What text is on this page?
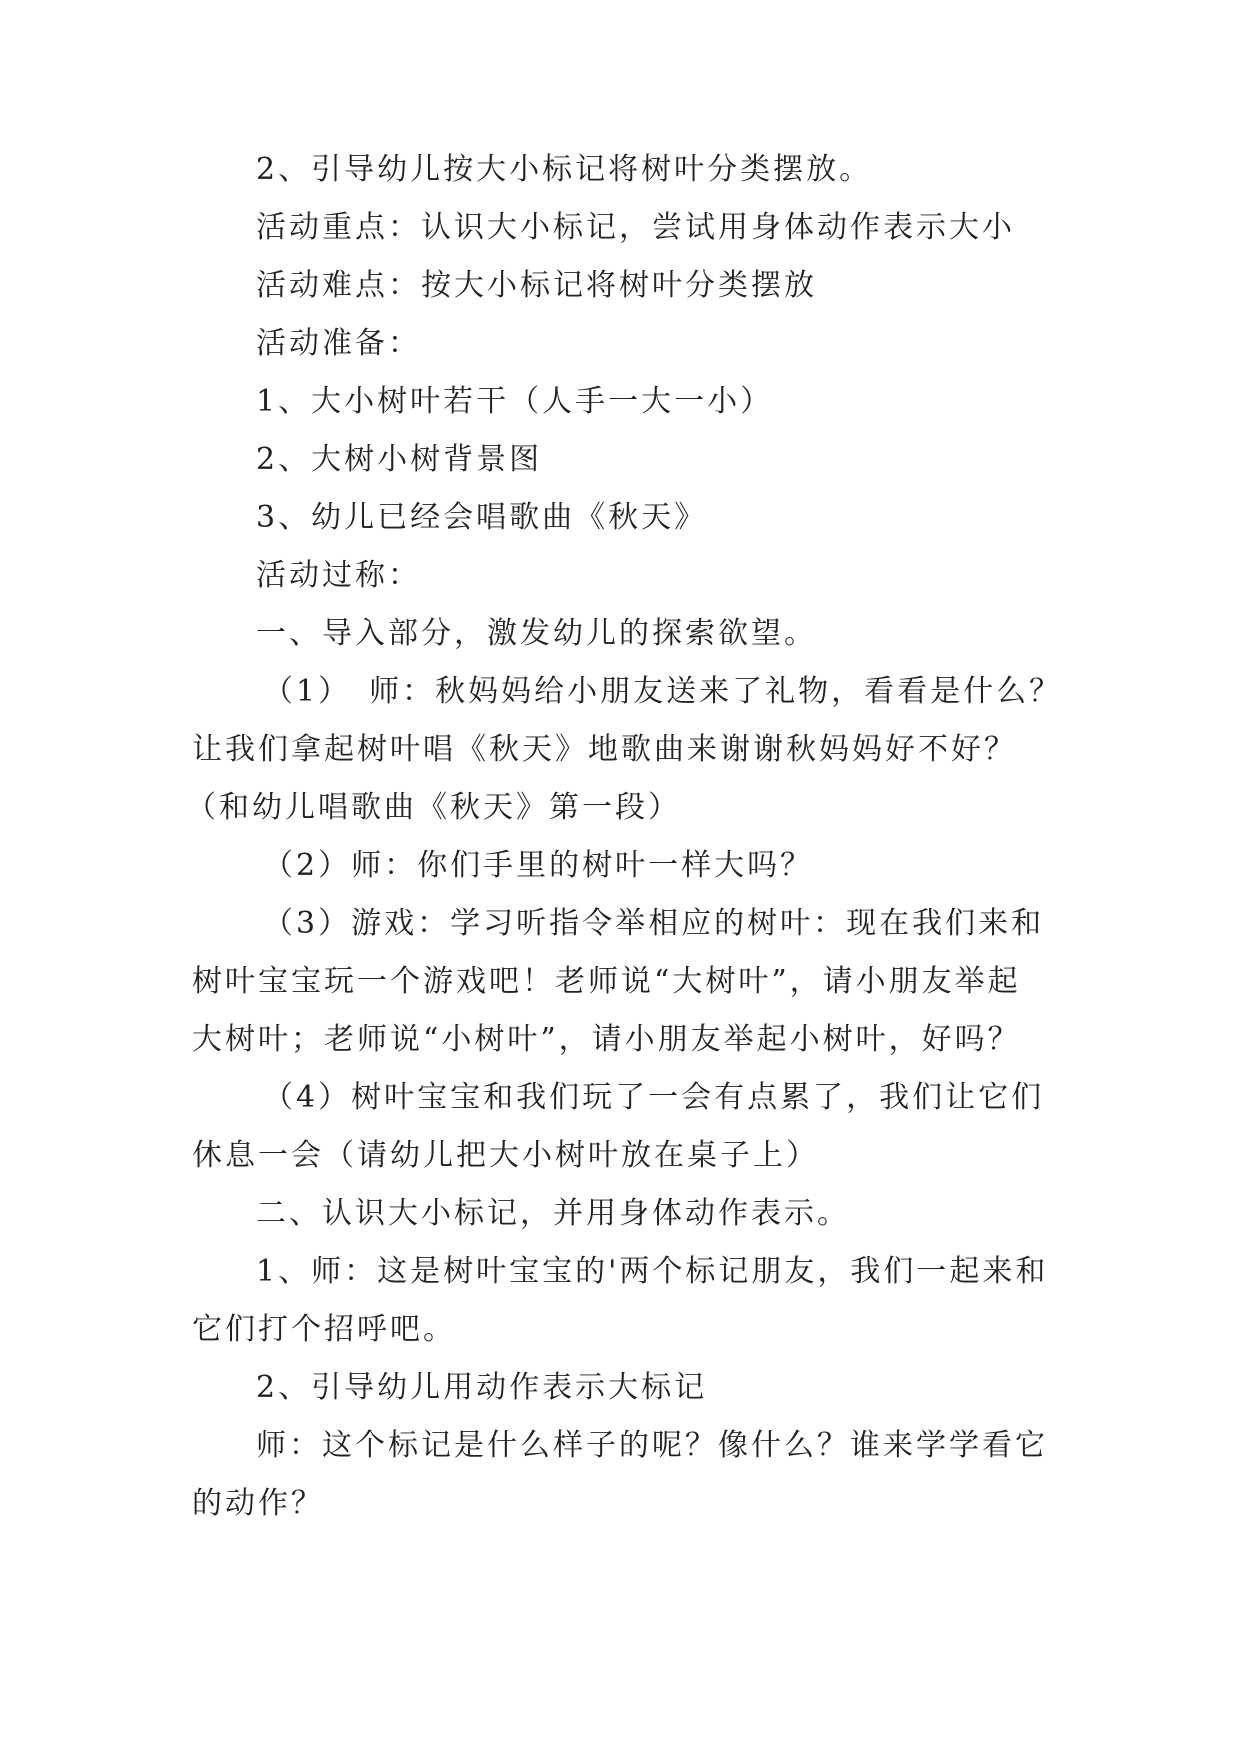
2、引导幼儿按大小标记将树叶分类摆放。
活动重点：认识大小标记，尝试用身体动作表示大小
活动难点：按大小标记将树叶分类摆放
活动准备：
1、大小树叶若干（人手一大一小）
2、大树小树背景图
3、幼儿已经会唱歌曲《秋天》
活动过称：
一、导入部分，激发幼儿的探索欲望。
（1）　师：秋妈妈给小朋友送来了礼物，看看是什么？
让我们拿起树叶唱《秋天》地歌曲来谢谢秋妈妈好不好？
（和幼儿唱歌曲《秋天》第一段）
（2）师：你们手里的树叶一样大吗？
（3）游戏：学习听指令举相应的树叶：现在我们来和
树叶宝宝玩一个游戏吧！老师说“大树叶”，请小朋友举起
大树叶；老师说“小树叶”，请小朋友举起小树叶，好吗？
（4）树叶宝宝和我们玩了一会有点累了，我们让它们
休息一会（请幼儿把大小树叶放在桌子上）
二、认识大小标记，并用身体动作表示。
1、师：这是树叶宝宝的'两个标记朋友，我们一起来和
它们打个招呼吧。
2、引导幼儿用动作表示大标记
师：这个标记是什么样子的呢？像什么？谁来学学看它
的动作？
